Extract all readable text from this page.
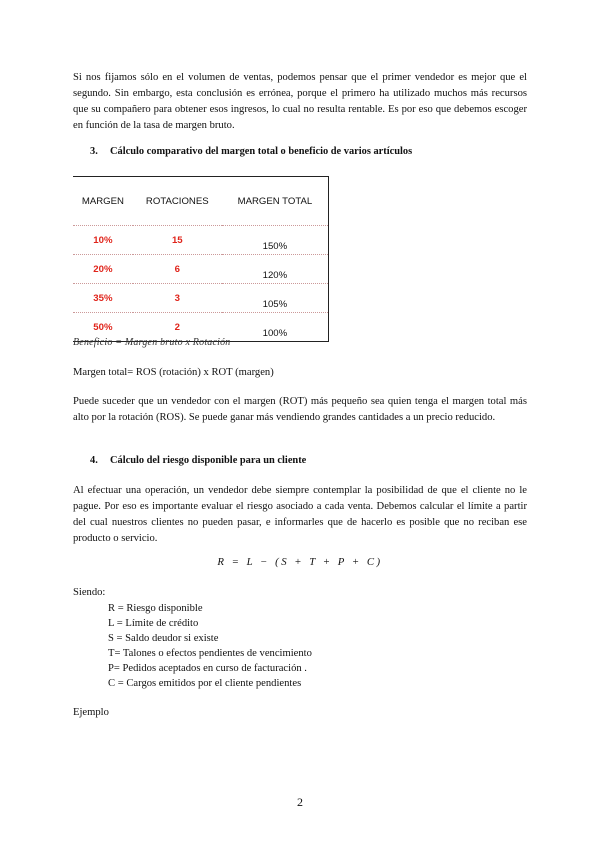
Si nos fijamos sólo en el volumen de ventas, podemos pensar que el primer vendedor es mejor que el segundo. Sin embargo, esta conclusión es errónea, porque el primero ha utilizado muchos más recursos que su compañero para obtener esos ingresos, lo cual no resulta rentable. Es por eso que debemos escoger en función de la tasa de margen bruto.

3. Cálculo comparativo del margen total o beneficio de varios artículos

MARGEN	ROTACIONES	MARGEN TOTAL
10%	15	150%
20%	6	120%
35%	3	105%
50%	2	100%
Beneficio = Margen bruto x Rotación

Margen total= ROS (rotación) x ROT (margen)

Puede suceder que un vendedor con el margen (ROT) más pequeño sea quien tenga el margen total más alto por la rotación (ROS). Se puede ganar más vendiendo grandes cantidades a un precio reducido.

4. Cálculo del riesgo disponible para un cliente

Al efectuar una operación, un vendedor debe siempre contemplar la posibilidad de que el cliente no le pague. Por eso es importante evaluar el riesgo asociado a cada venta. Debemos calcular el límite a partir del cual nuestros clientes no pueden pasar, e informarles que de hacerlo es posible que no reciban ese producto o servicio.

R = L − (S + T + P + C)

Siendo:

R = Riesgo disponible
L = Límite de crédito
S = Saldo deudor si existe
T= Talones o efectos pendientes de vencimiento
P= Pedidos aceptados en curso de facturación .
C = Cargos emitidos por el cliente pendientes

Ejemplo

2
